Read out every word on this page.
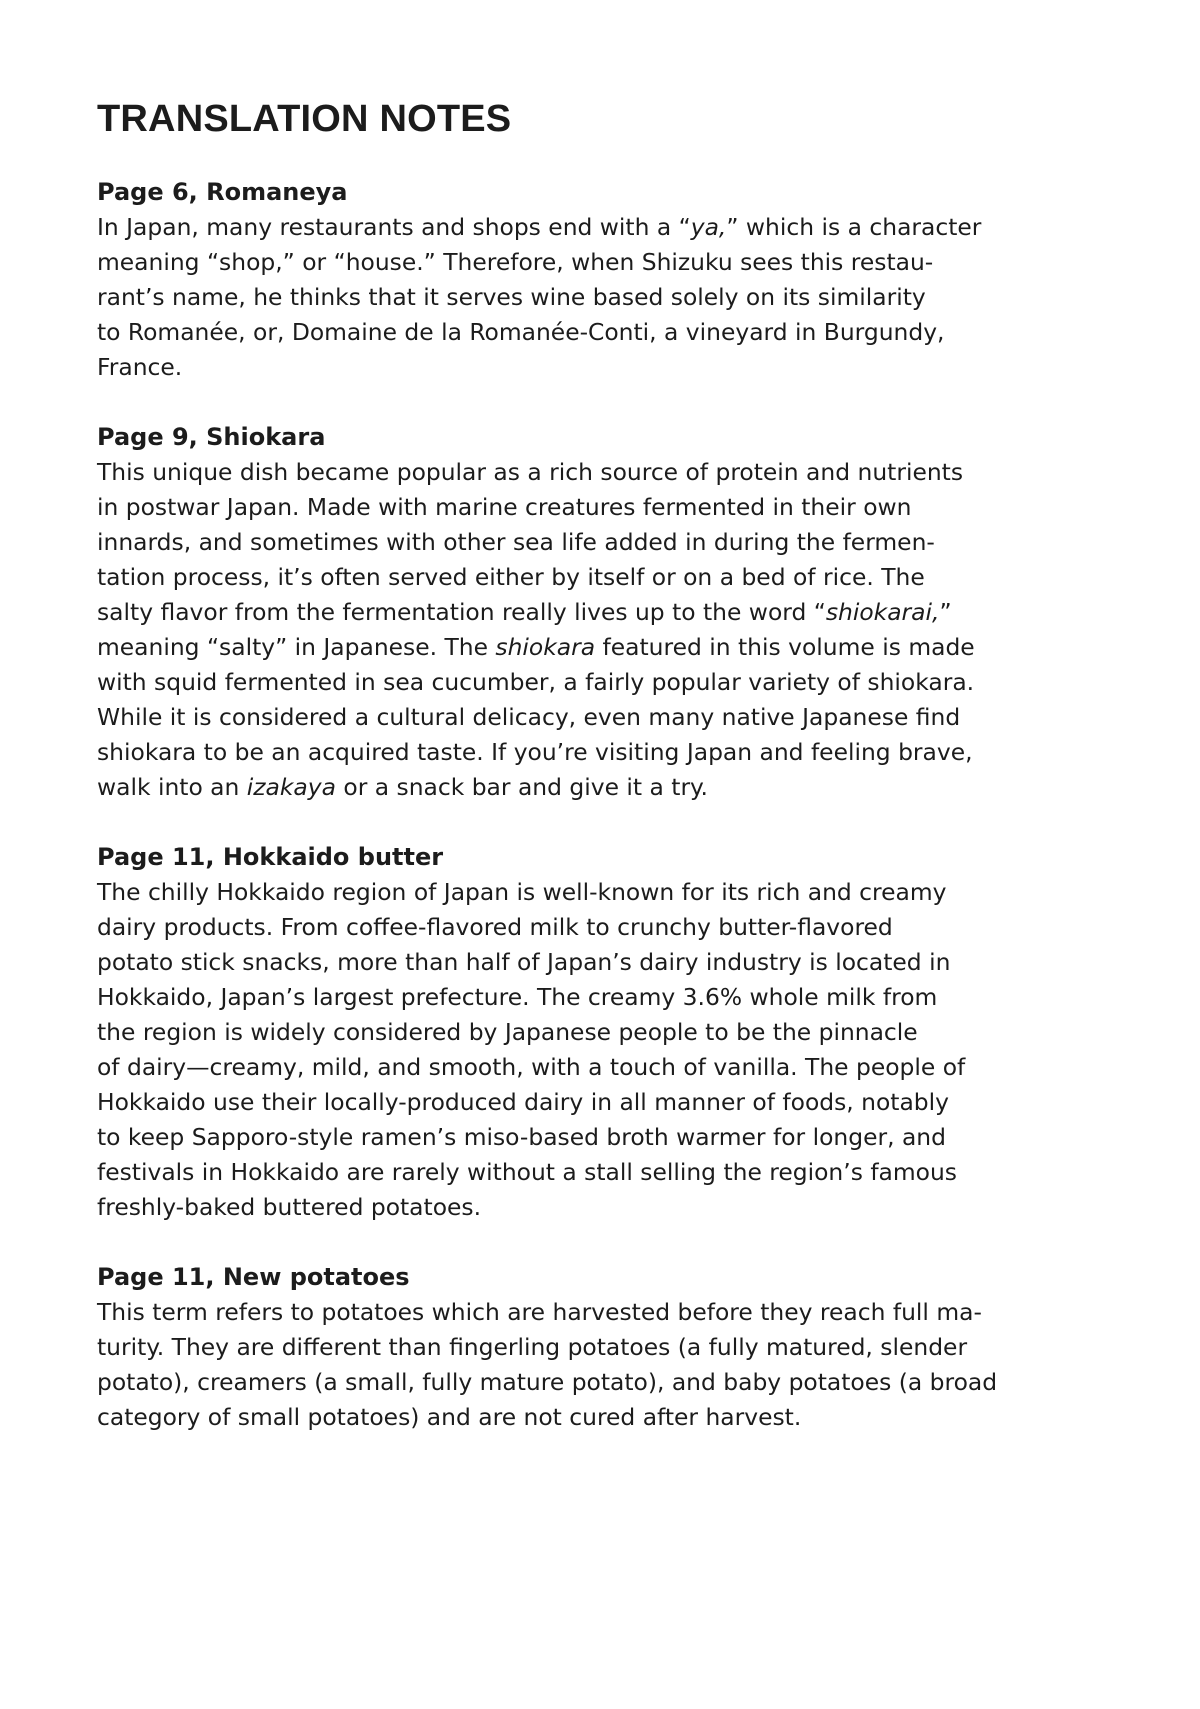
TRANSLATION NOTES
Page 6, Romaneya
In Japan, many restaurants and shops end with a “ya,” which is a character
meaning “shop,” or “house.” Therefore, when Shizuku sees this restau-
rant’s name, he thinks that it serves wine based solely on its similarity
to Romanée, or, Domaine de la Romanée-Conti, a vineyard in Burgundy,
France.
Page 9, Shiokara
This unique dish became popular as a rich source of protein and nutrients
in postwar Japan. Made with marine creatures fermented in their own
innards, and sometimes with other sea life added in during the fermen-
tation process, it’s often served either by itself or on a bed of rice. The
salty flavor from the fermentation really lives up to the word “shiokarai,”
meaning “salty” in Japanese. The shiokara featured in this volume is made
with squid fermented in sea cucumber, a fairly popular variety of shiokara.
While it is considered a cultural delicacy, even many native Japanese find
shiokara to be an acquired taste. If you’re visiting Japan and feeling brave,
walk into an izakaya or a snack bar and give it a try.
Page 11, Hokkaido butter
The chilly Hokkaido region of Japan is well-known for its rich and creamy
dairy products. From coffee-flavored milk to crunchy butter-flavored
potato stick snacks, more than half of Japan’s dairy industry is located in
Hokkaido, Japan’s largest prefecture. The creamy 3.6% whole milk from
the region is widely considered by Japanese people to be the pinnacle
of dairy—creamy, mild, and smooth, with a touch of vanilla. The people of
Hokkaido use their locally-produced dairy in all manner of foods, notably
to keep Sapporo-style ramen’s miso-based broth warmer for longer, and
festivals in Hokkaido are rarely without a stall selling the region’s famous
freshly-baked buttered potatoes.
Page 11, New potatoes
This term refers to potatoes which are harvested before they reach full ma-
turity. They are different than fingerling potatoes (a fully matured, slender
potato), creamers (a small, fully mature potato), and baby potatoes (a broad
category of small potatoes) and are not cured after harvest.
